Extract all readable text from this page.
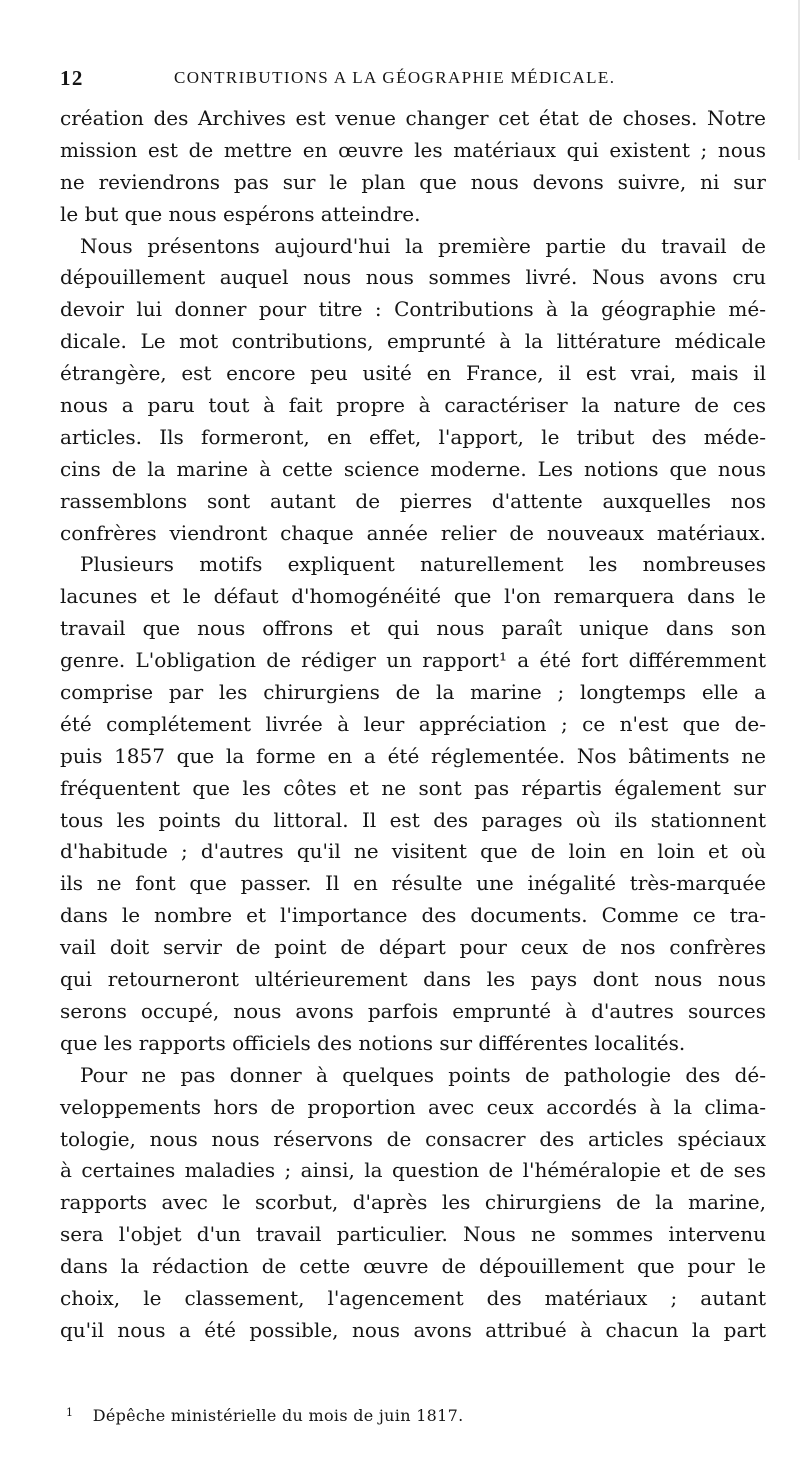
12	CONTRIBUTIONS A LA GÉOGRAPHIE MÉDICALE.
création des Archives est venue changer cet état de choses. Notre
mission est de mettre en œuvre les matériaux qui existent ; nous
ne reviendrons pas sur le plan que nous devons suivre, ni sur
le but que nous espérons atteindre.
Nous présentons aujourd'hui la première partie du travail de
dépouillement auquel nous nous sommes livré. Nous avons cru
devoir lui donner pour titre : Contributions à la géographie mé-
dicale. Le mot contributions, emprunté à la littérature médicale
étrangère, est encore peu usité en France, il est vrai, mais il
nous a paru tout à fait propre à caractériser la nature de ces
articles. Ils formeront, en effet, l'apport, le tribut des méde-
cins de la marine à cette science moderne. Les notions que nous
rassemblons sont autant de pierres d'attente auxquelles nos
confrères viendront chaque année relier de nouveaux matériaux.
Plusieurs motifs expliquent naturellement les nombreuses
lacunes et le défaut d'homogénéité que l'on remarquera dans le
travail que nous offrons et qui nous paraît unique dans son
genre. L'obligation de rédiger un rapport¹ a été fort différemment
comprise par les chirurgiens de la marine ; longtemps elle a
été complétement livrée à leur appréciation ; ce n'est que de-
puis 1857 que la forme en a été réglementée. Nos bâtiments ne
fréquentent que les côtes et ne sont pas répartis également sur
tous les points du littoral. Il est des parages où ils stationnent
d'habitude ; d'autres qu'il ne visitent que de loin en loin et où
ils ne font que passer. Il en résulte une inégalité très-marquée
dans le nombre et l'importance des documents. Comme ce tra-
vail doit servir de point de départ pour ceux de nos confrères
qui retourneront ultérieurement dans les pays dont nous nous
serons occupé, nous avons parfois emprunté à d'autres sources
que les rapports officiels des notions sur différentes localités.
Pour ne pas donner à quelques points de pathologie des dé-
veloppements hors de proportion avec ceux accordés à la clima-
tologie, nous nous réservons de consacrer des articles spéciaux
à certaines maladies ; ainsi, la question de l'héméralopie et de ses
rapports avec le scorbut, d'après les chirurgiens de la marine,
sera l'objet d'un travail particulier. Nous ne sommes intervenu
dans la rédaction de cette œuvre de dépouillement que pour le
choix, le classement, l'agencement des matériaux ; autant
qu'il nous a été possible, nous avons attribué à chacun la part
$^1$ Dépêche ministérielle du mois de juin 1817.
